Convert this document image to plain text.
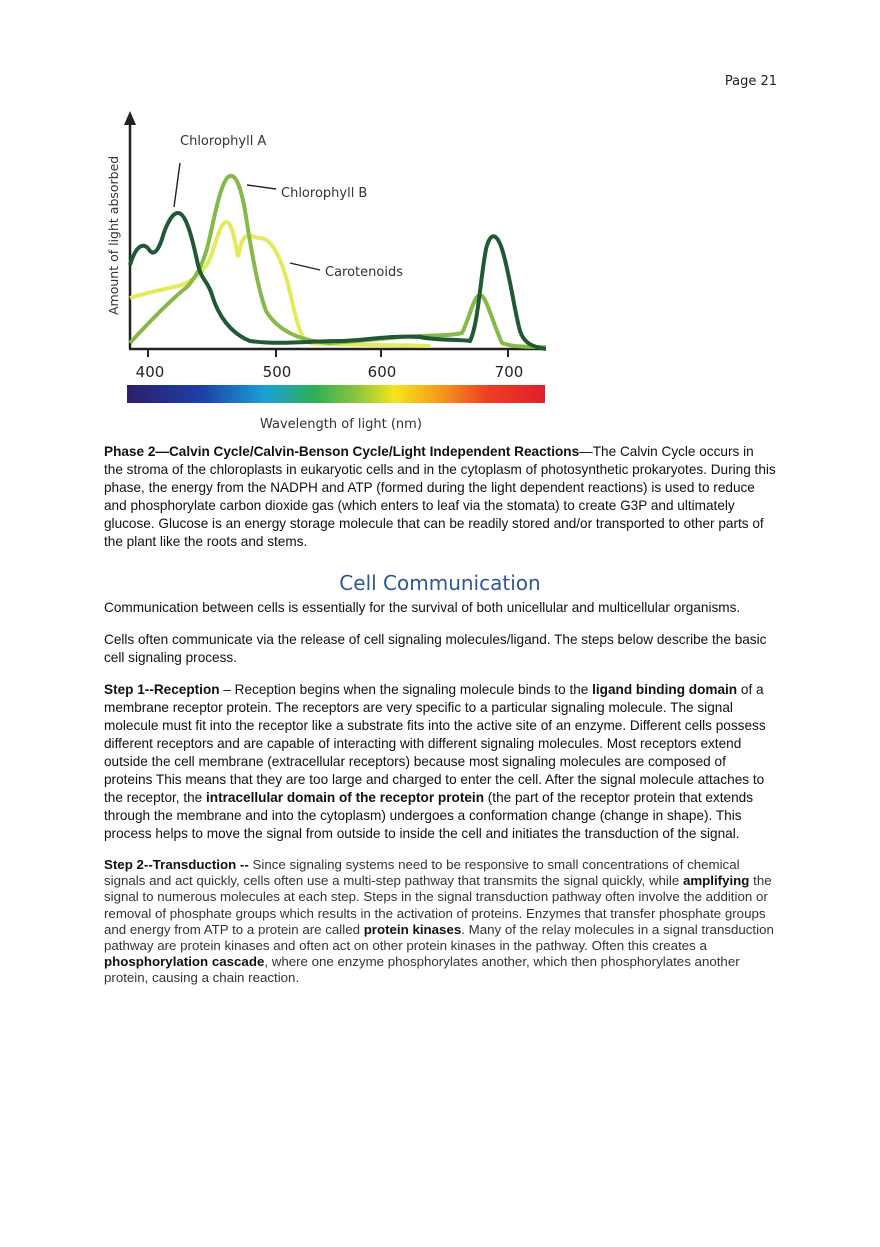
Page 21
Chlorophyll A
Chlorophyll B
Carotenoids
Amount of light absorbed
400	500	600	700
Wavelength of light (nm)

Phase 2—Calvin Cycle/Calvin-Benson Cycle/Light Independent Reactions—The Calvin Cycle occurs in the stroma of the chloroplasts in eukaryotic cells and in the cytoplasm of photosynthetic prokaryotes. During this phase, the energy from the NADPH and ATP (formed during the light dependent reactions) is used to reduce and phosphorylate carbon dioxide gas (which enters to leaf via the stomata) to create G3P and ultimately glucose. Glucose is an energy storage molecule that can be readily stored and/or transported to other parts of the plant like the roots and stems.

Cell Communication

Communication between cells is essentially for the survival of both unicellular and multicellular organisms.

Cells often communicate via the release of cell signaling molecules/ligand. The steps below describe the basic cell signaling process.

Step 1--Reception – Reception begins when the signaling molecule binds to the ligand binding domain of a membrane receptor protein. The receptors are very specific to a particular signaling molecule. The signal molecule must fit into the receptor like a substrate fits into the active site of an enzyme. Different cells possess different receptors and are capable of interacting with different signaling molecules. Most receptors extend outside the cell membrane (extracellular receptors) because most signaling molecules are composed of proteins This means that they are too large and charged to enter the cell. After the signal molecule attaches to the receptor, the intracellular domain of the receptor protein (the part of the receptor protein that extends through the membrane and into the cytoplasm) undergoes a conformation change (change in shape). This process helps to move the signal from outside to inside the cell and initiates the transduction of the signal.

Step 2--Transduction -- Since signaling systems need to be responsive to small concentrations of chemical signals and act quickly, cells often use a multi-step pathway that transmits the signal quickly, while amplifying the signal to numerous molecules at each step. Steps in the signal transduction pathway often involve the addition or removal of phosphate groups which results in the activation of proteins. Enzymes that transfer phosphate groups and energy from ATP to a protein are called protein kinases. Many of the relay molecules in a signal transduction pathway are protein kinases and often act on other protein kinases in the pathway. Often this creates a phosphorylation cascade, where one enzyme phosphorylates another, which then phosphorylates another protein, causing a chain reaction.
